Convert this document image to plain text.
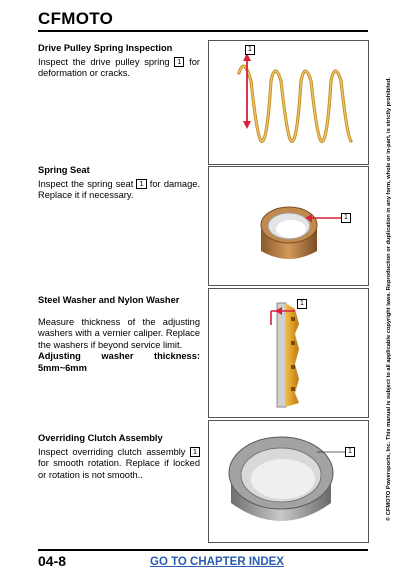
CFMOTO
© CFMOTO Powersports, Inc. This manual is subject to all applicable copyright laws. Reproduction or duplication in any form, whole or in-part, is strictly prohibited.
Drive Pulley Spring Inspection

Inspect the drive pulley spring 1 for deformation or cracks.

1
Spring Seat

Inspect the spring seat 1 for damage. Replace it if necessary.

1
Steel Washer and Nylon Washer

Measure thickness of the adjusting washers with a vernier caliper. Replace the washers if beyond service limit.

Adjusting washer thickness: 5mm~6mm

1
Overriding Clutch Assembly

Inspect overriding clutch assembly 1 for smooth rotation. Replace if locked or rotation is not smooth..

1
04-8	GO TO CHAPTER INDEX
